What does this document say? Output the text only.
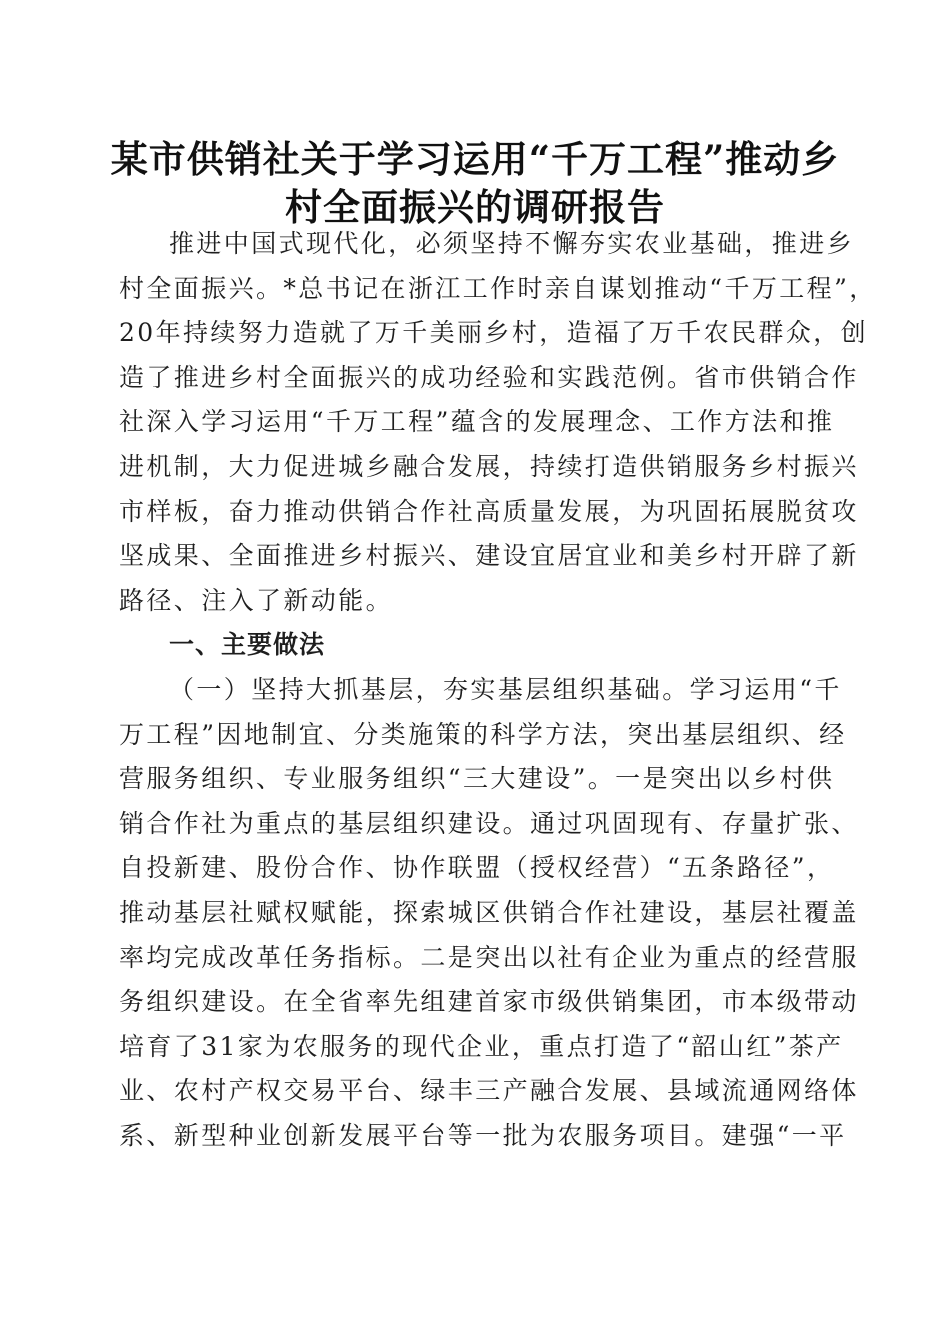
某市供销社关于学习运用“千万工程”推动乡
村全面振兴的调研报告
推进中国式现代化，必须坚持不懈夯实农业基础，推进乡
村全面振兴。*总书记在浙江工作时亲自谋划推动“千万工程”，
20年持续努力造就了万千美丽乡村，造福了万千农民群众，创
造了推进乡村全面振兴的成功经验和实践范例。省市供销合作
社深入学习运用“千万工程”蕴含的发展理念、工作方法和推
进机制，大力促进城乡融合发展，持续打造供销服务乡村振兴
市样板，奋力推动供销合作社高质量发展，为巩固拓展脱贫攻
坚成果、全面推进乡村振兴、建设宜居宜业和美乡村开辟了新
路径、注入了新动能。
一、主要做法
（一）坚持大抓基层，夯实基层组织基础。学习运用“千
万工程”因地制宜、分类施策的科学方法，突出基层组织、经
营服务组织、专业服务组织“三大建设”。一是突出以乡村供
销合作社为重点的基层组织建设。通过巩固现有、存量扩张、
自投新建、股份合作、协作联盟（授权经营）“五条路径”，
推动基层社赋权赋能，探索城区供销合作社建设，基层社覆盖
率均完成改革任务指标。二是突出以社有企业为重点的经营服
务组织建设。在全省率先组建首家市级供销集团，市本级带动
培育了31家为农服务的现代企业，重点打造了“韶山红”茶产
业、农村产权交易平台、绿丰三产融合发展、县域流通网络体
系、新型种业创新发展平台等一批为农服务项目。建强“一平
